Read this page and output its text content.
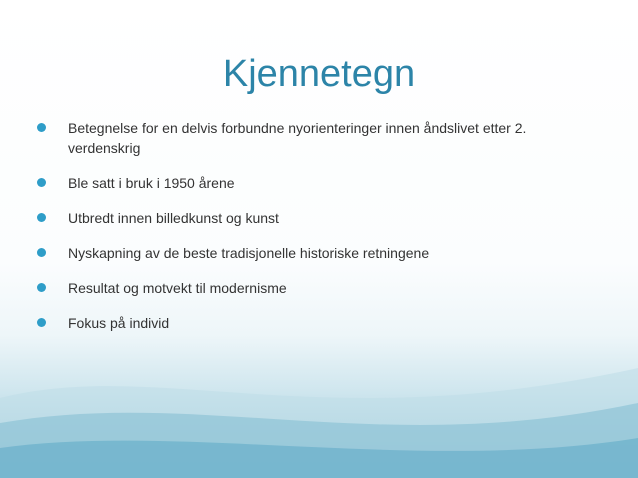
Kjennetegn
Betegnelse for en delvis forbundne nyorienteringer innen åndslivet etter 2. verdenskrig
Ble satt i bruk i 1950 årene
Utbredt innen billedkunst og kunst
Nyskapning av de beste tradisjonelle historiske retningene
Resultat og motvekt til modernisme
Fokus på individ
